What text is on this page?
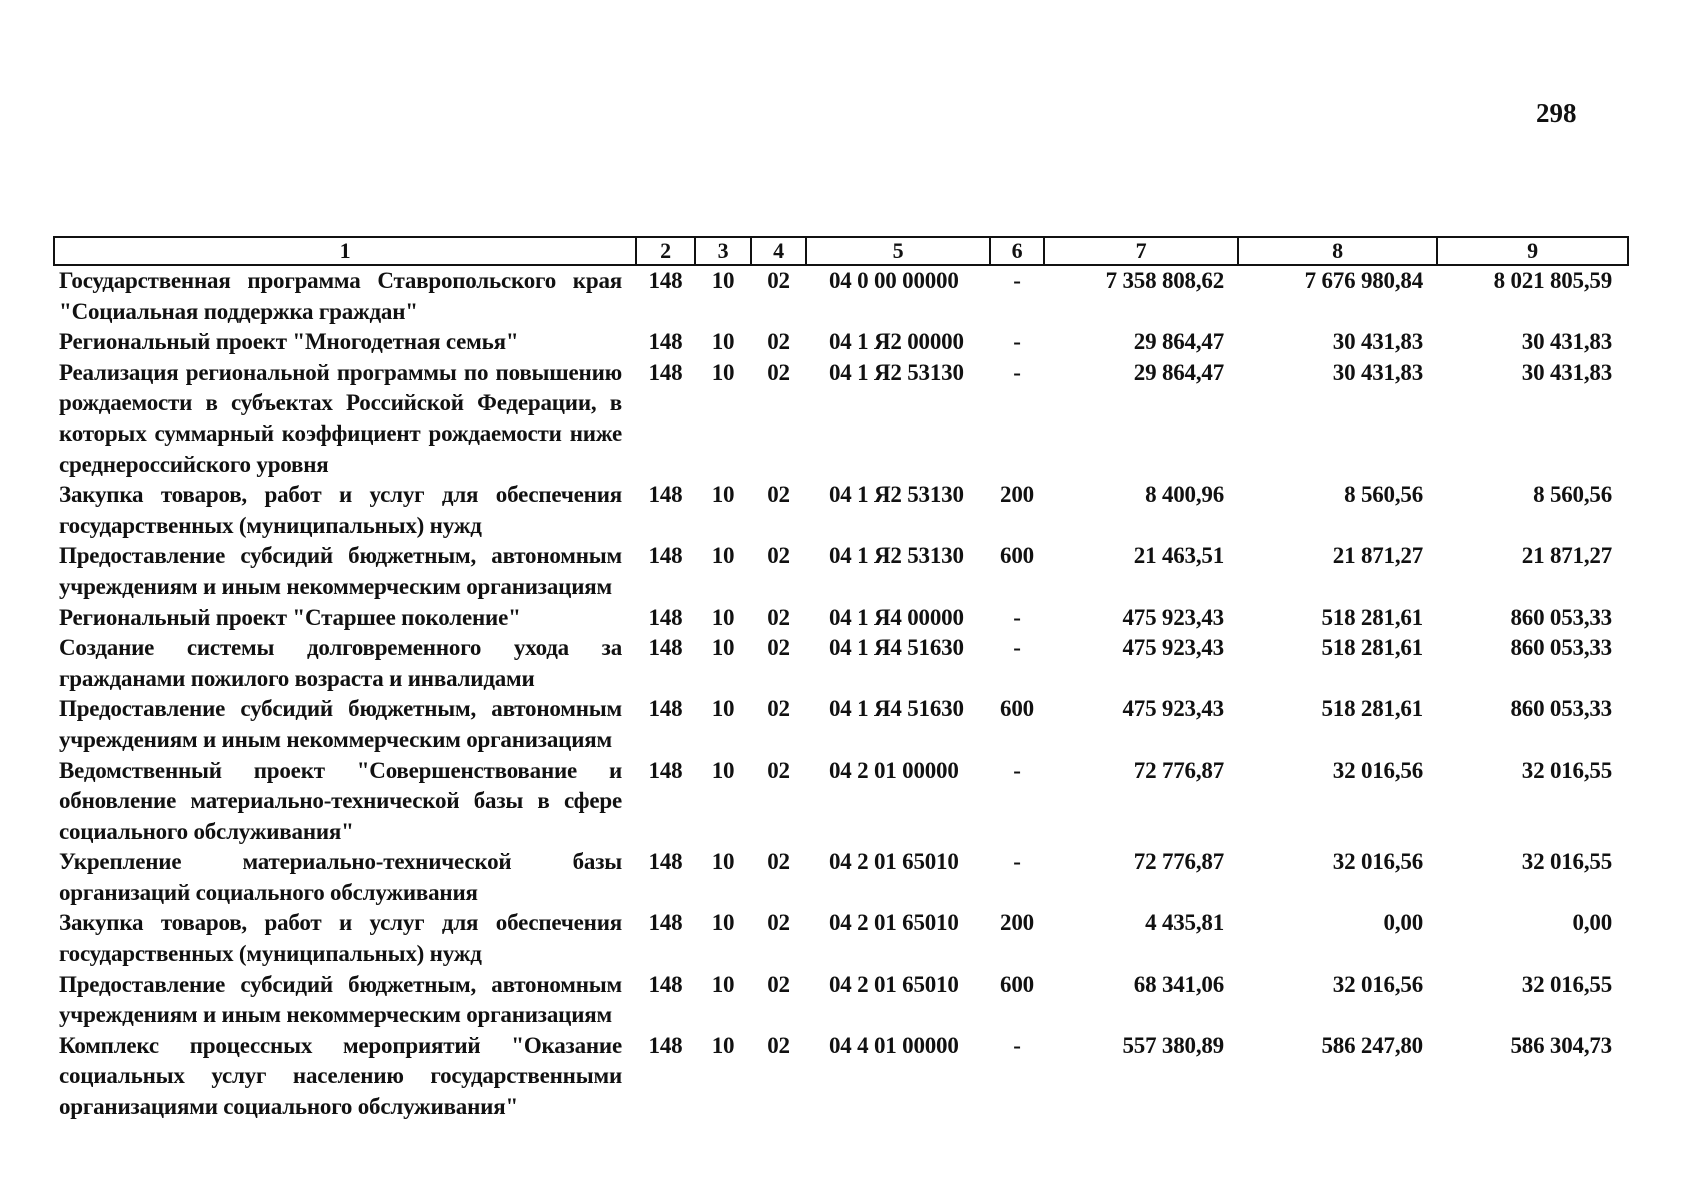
298
1	2	3	4	5	6	7	8	9
Государственная программа Ставропольского края "Социальная поддержка граждан"	148	10	02	04 0 00 00000	-	7 358 808,62	7 676 980,84	8 021 805,59
Региональный проект "Многодетная семья"	148	10	02	04 1 Я2 00000	-	29 864,47	30 431,83	30 431,83
Реализация региональной программы по повышению рождаемости в субъектах Российской Федерации, в которых суммарный коэффициент рождаемости ниже среднероссийского уровня	148	10	02	04 1 Я2 53130	-	29 864,47	30 431,83	30 431,83
Закупка товаров, работ и услуг для обеспечения государственных (муниципальных) нужд	148	10	02	04 1 Я2 53130	200	8 400,96	8 560,56	8 560,56
Предоставление субсидий бюджетным, автономным учреждениям и иным некоммерческим организациям	148	10	02	04 1 Я2 53130	600	21 463,51	21 871,27	21 871,27
Региональный проект "Старшее поколение"	148	10	02	04 1 Я4 00000	-	475 923,43	518 281,61	860 053,33
Создание системы долговременного ухода за гражданами пожилого возраста и инвалидами	148	10	02	04 1 Я4 51630	-	475 923,43	518 281,61	860 053,33
Предоставление субсидий бюджетным, автономным учреждениям и иным некоммерческим организациям	148	10	02	04 1 Я4 51630	600	475 923,43	518 281,61	860 053,33
Ведомственный проект "Совершенствование и обновление материально-технической базы в сфере социального обслуживания"	148	10	02	04 2 01 00000	-	72 776,87	32 016,56	32 016,55
Укрепление материально-технической базы организаций социального обслуживания	148	10	02	04 2 01 65010	-	72 776,87	32 016,56	32 016,55
Закупка товаров, работ и услуг для обеспечения государственных (муниципальных) нужд	148	10	02	04 2 01 65010	200	4 435,81	0,00	0,00
Предоставление субсидий бюджетным, автономным учреждениям и иным некоммерческим организациям	148	10	02	04 2 01 65010	600	68 341,06	32 016,56	32 016,55
Комплекс процессных мероприятий "Оказание социальных услуг населению государственными организациями социального обслуживания"	148	10	02	04 4 01 00000	-	557 380,89	586 247,80	586 304,73
